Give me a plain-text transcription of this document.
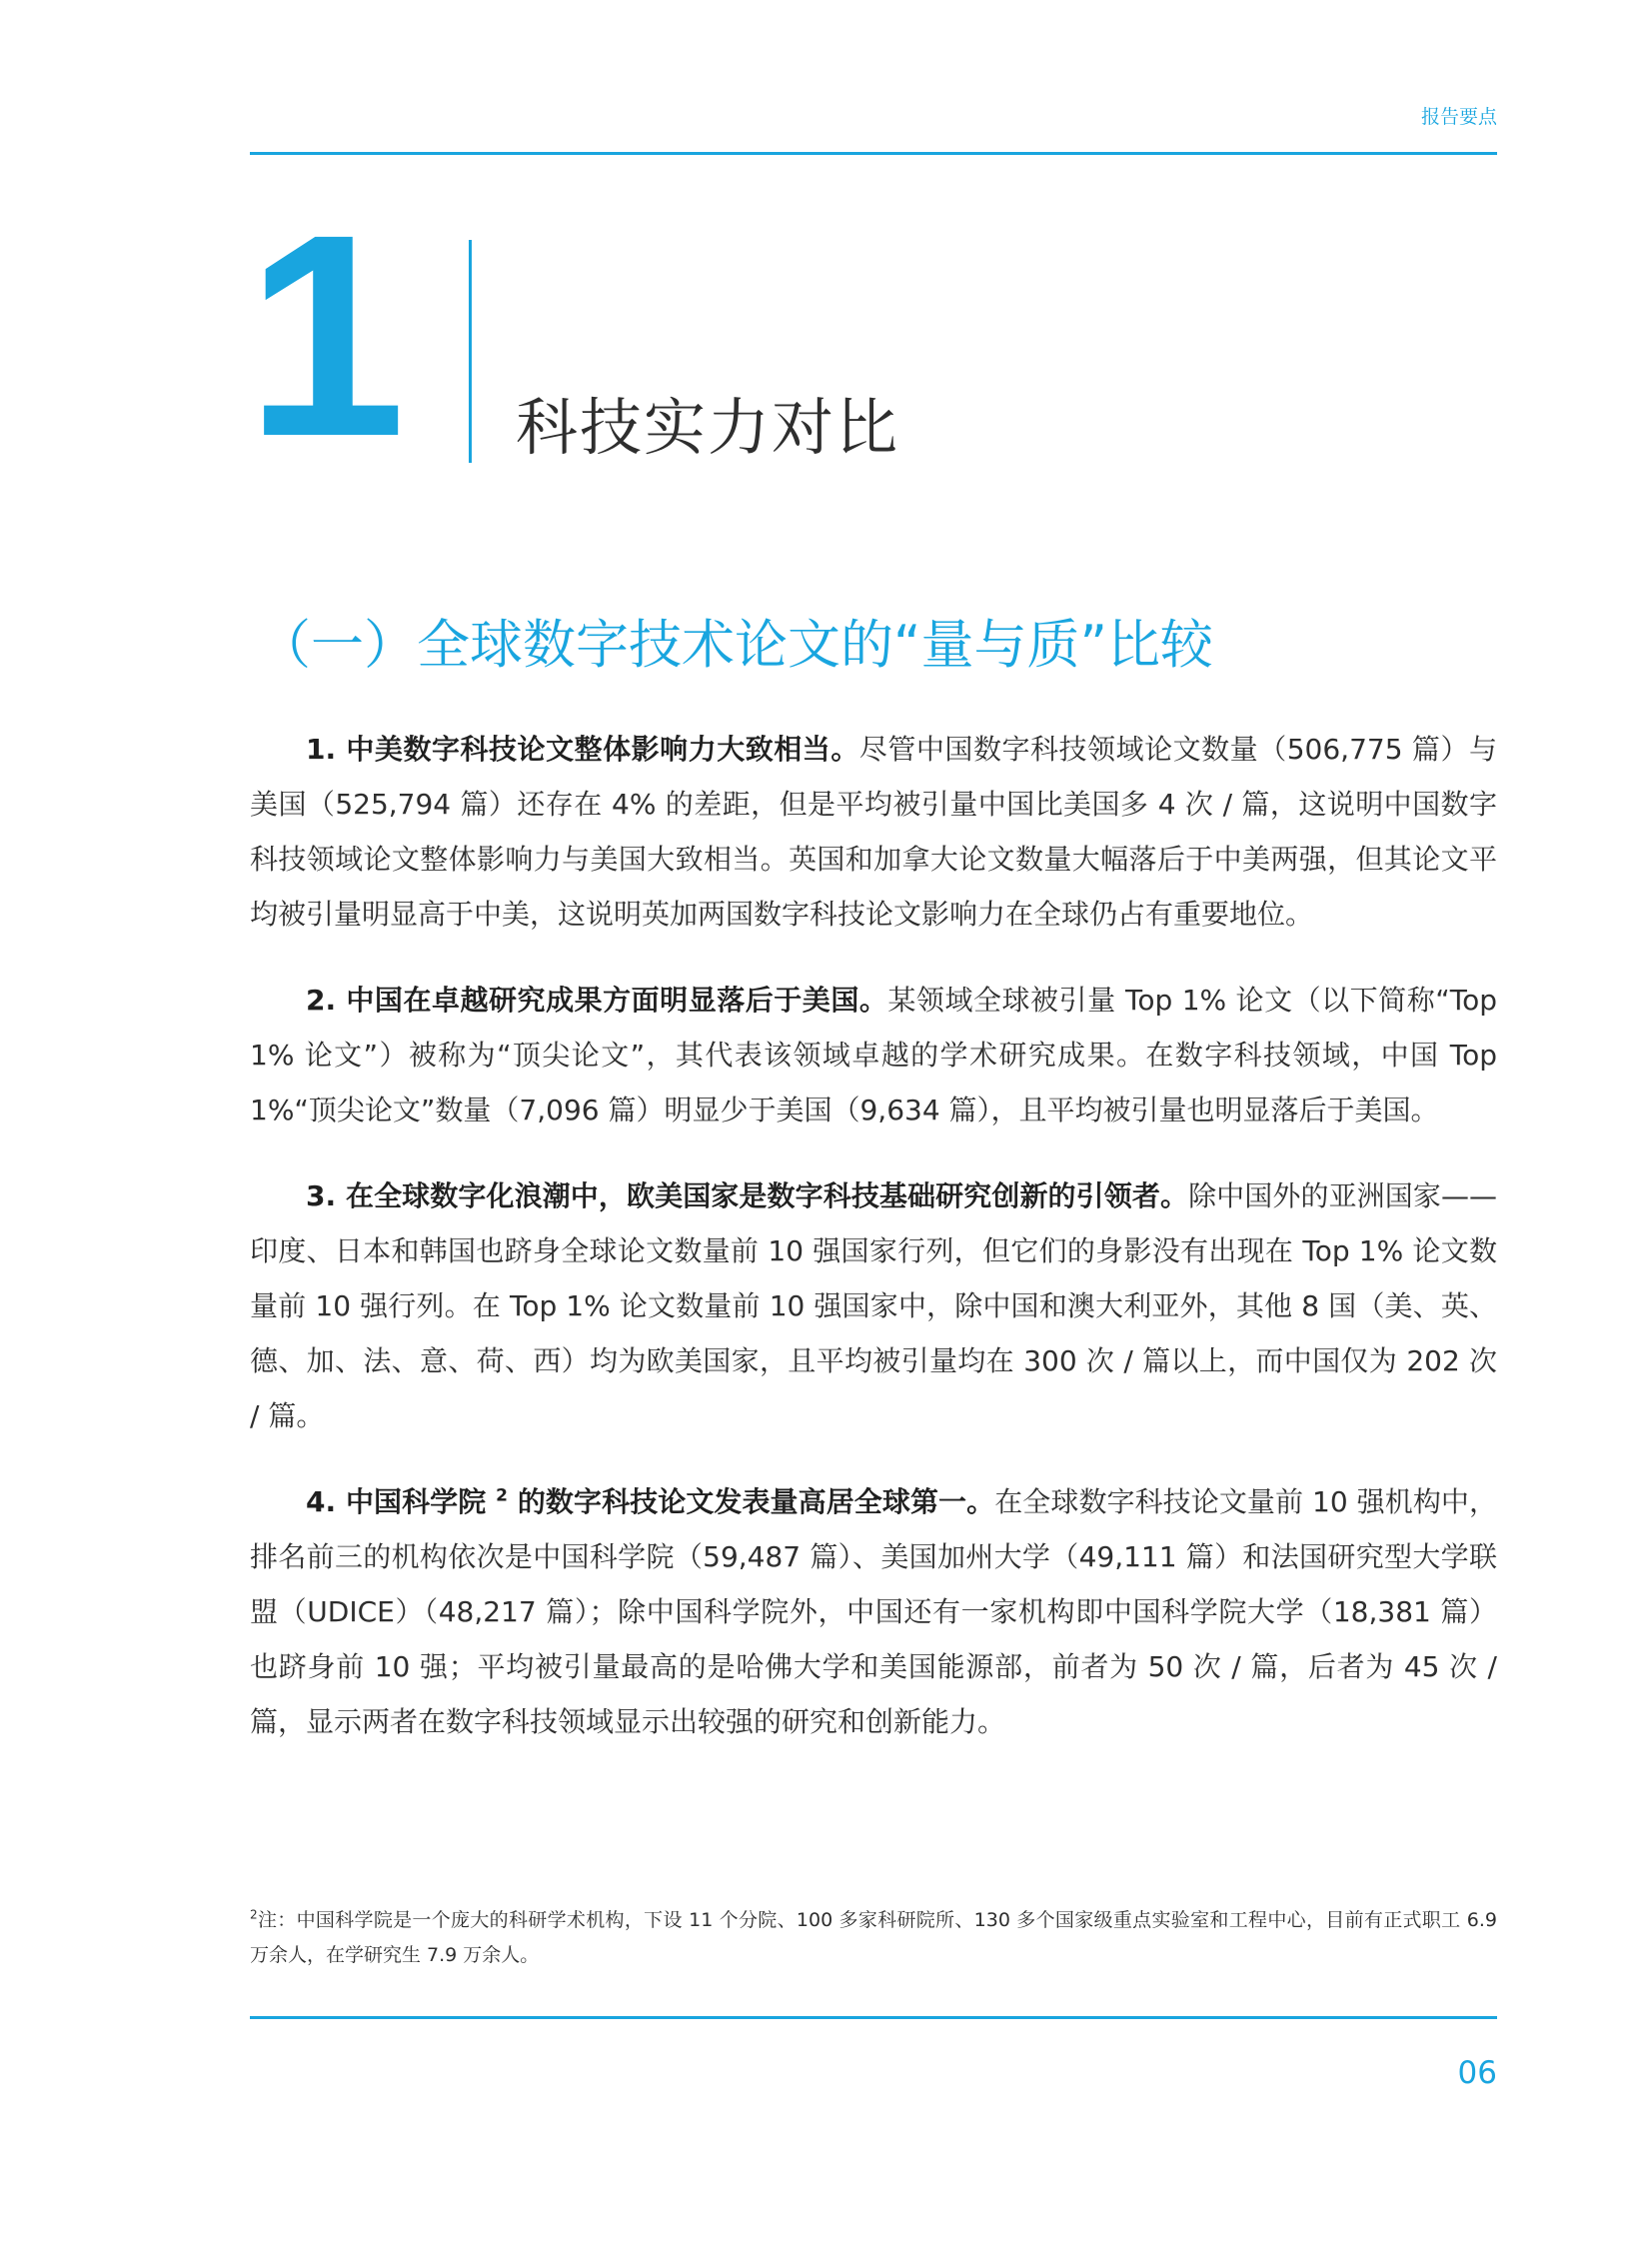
报告要点
1 科技实力对比
（一）全球数字技术论文的“量与质”比较

1. 中美数字科技论文整体影响力大致相当。尽管中国数字科技领域论文数量（506,775 篇）与美国（525,794 篇）还存在 4% 的差距，但是平均被引量中国比美国多 4 次 / 篇，这说明中国数字科技领域论文整体影响力与美国大致相当。英国和加拿大论文数量大幅落后于中美两强，但其论文平均被引量明显高于中美，这说明英加两国数字科技论文影响力在全球仍占有重要地位。

2. 中国在卓越研究成果方面明显落后于美国。某领域全球被引量 Top 1% 论文（以下简称“Top 1% 论文”）被称为“顶尖论文”，其代表该领域卓越的学术研究成果。在数字科技领域，中国 Top 1%“顶尖论文”数量（7,096 篇）明显少于美国（9,634 篇），且平均被引量也明显落后于美国。

3. 在全球数字化浪潮中，欧美国家是数字科技基础研究创新的引领者。除中国外的亚洲国家——印度、日本和韩国也跻身全球论文数量前 10 强国家行列，但它们的身影没有出现在 Top 1% 论文数量前 10 强行列。在 Top 1% 论文数量前 10 强国家中，除中国和澳大利亚外，其他 8 国（美、英、德、加、法、意、荷、西）均为欧美国家，且平均被引量均在 300 次 / 篇以上，而中国仅为 202 次 / 篇。

4. 中国科学院 $^2$ 的数字科技论文发表量高居全球第一。在全球数字科技论文量前 10 强机构中，排名前三的机构依次是中国科学院（59,487 篇）、美国加州大学（49,111 篇）和法国研究型大学联盟（UDICE）（48,217 篇）；除中国科学院外，中国还有一家机构即中国科学院大学（18,381 篇）也跻身前 10 强；平均被引量最高的是哈佛大学和美国能源部，前者为 50 次 / 篇，后者为 45 次 / 篇，显示两者在数字科技领域显示出较强的研究和创新能力。

$^2$注：中国科学院是一个庞大的科研学术机构，下设 11 个分院、100 多家科研院所、130 多个国家级重点实验室和工程中心，目前有正式职工 6.9 万余人，在学研究生 7.9 万余人。
06
